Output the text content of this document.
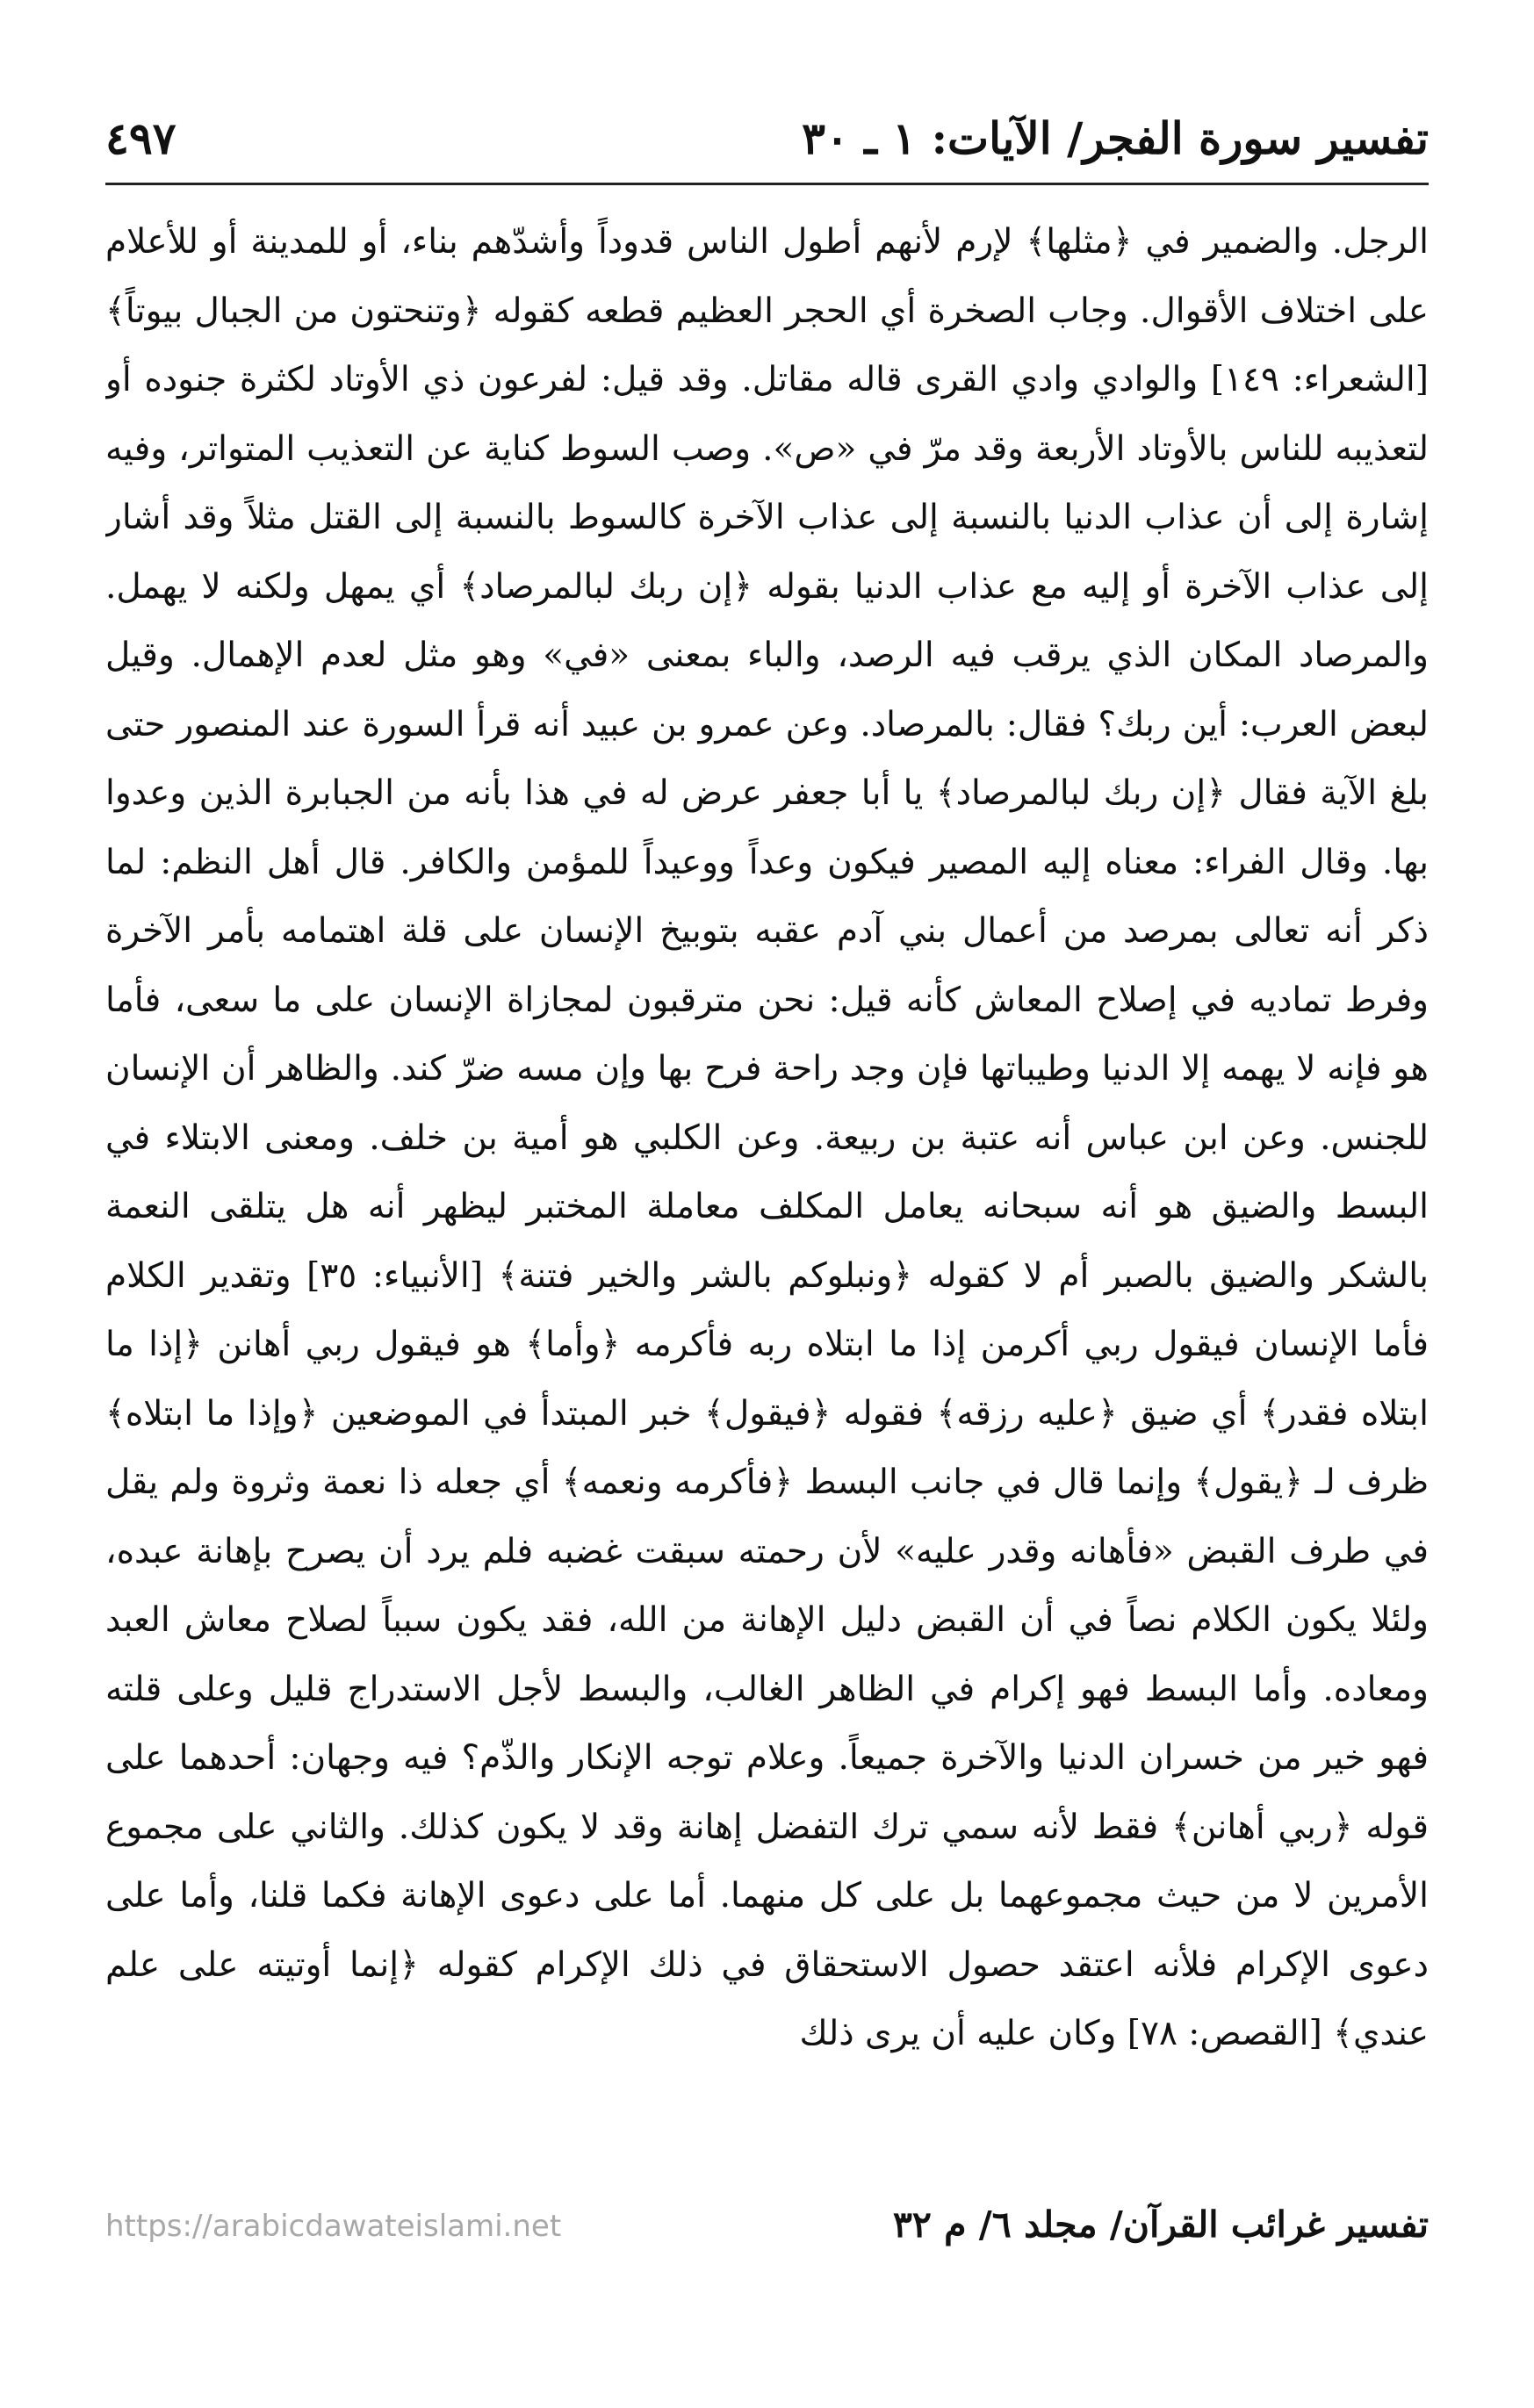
تفسير سورة الفجر/ الآيات: ١ ـ ٣٠
٤٩٧

الرجل. والضمير في ﴿مثلها﴾ لإرم لأنهم أطول الناس قدوداً وأشدّهم بناء، أو للمدينة أو للأعلام على اختلاف الأقوال. وجاب الصخرة أي الحجر العظيم قطعه كقوله ﴿وتنحتون من الجبال بيوتاً﴾ [الشعراء: ١٤٩] والوادي وادي القرى قاله مقاتل. وقد قيل: لفرعون ذي الأوتاد لكثرة جنوده أو لتعذيبه للناس بالأوتاد الأربعة وقد مرّ في «ص». وصب السوط كناية عن التعذيب المتواتر، وفيه إشارة إلى أن عذاب الدنيا بالنسبة إلى عذاب الآخرة كالسوط بالنسبة إلى القتل مثلاً وقد أشار إلى عذاب الآخرة أو إليه مع عذاب الدنيا بقوله ﴿إن ربك لبالمرصاد﴾ أي يمهل ولكنه لا يهمل. والمرصاد المكان الذي يرقب فيه الرصد، والباء بمعنى «في» وهو مثل لعدم الإهمال. وقيل لبعض العرب: أين ربك؟ فقال: بالمرصاد. وعن عمرو بن عبيد أنه قرأ السورة عند المنصور حتى بلغ الآية فقال ﴿إن ربك لبالمرصاد﴾ يا أبا جعفر عرض له في هذا بأنه من الجبابرة الذين وعدوا بها. وقال الفراء: معناه إليه المصير فيكون وعداً ووعيداً للمؤمن والكافر. قال أهل النظم: لما ذكر أنه تعالى بمرصد من أعمال بني آدم عقبه بتوبيخ الإنسان على قلة اهتمامه بأمر الآخرة وفرط تماديه في إصلاح المعاش كأنه قيل: نحن مترقبون لمجازاة الإنسان على ما سعى، فأما هو فإنه لا يهمه إلا الدنيا وطيباتها فإن وجد راحة فرح بها وإن مسه ضرّ كند. والظاهر أن الإنسان للجنس. وعن ابن عباس أنه عتبة بن ربيعة. وعن الكلبي هو أمية بن خلف. ومعنى الابتلاء في البسط والضيق هو أنه سبحانه يعامل المكلف معاملة المختبر ليظهر أنه هل يتلقى النعمة بالشكر والضيق بالصبر أم لا كقوله ﴿ونبلوكم بالشر والخير فتنة﴾ [الأنبياء: ٣٥] وتقدير الكلام فأما الإنسان فيقول ربي أكرمن إذا ما ابتلاه ربه فأكرمه ﴿وأما﴾ هو فيقول ربي أهانن ﴿إذا ما ابتلاه فقدر﴾ أي ضيق ﴿عليه رزقه﴾ فقوله ﴿فيقول﴾ خبر المبتدأ في الموضعين ﴿وإذا ما ابتلاه﴾ ظرف لـ ﴿يقول﴾ وإنما قال في جانب البسط ﴿فأكرمه ونعمه﴾ أي جعله ذا نعمة وثروة ولم يقل في طرف القبض «فأهانه وقدر عليه» لأن رحمته سبقت غضبه فلم يرد أن يصرح بإهانة عبده، ولئلا يكون الكلام نصاً في أن القبض دليل الإهانة من الله، فقد يكون سبباً لصلاح معاش العبد ومعاده. وأما البسط فهو إكرام في الظاهر الغالب، والبسط لأجل الاستدراج قليل وعلى قلته فهو خير من خسران الدنيا والآخرة جميعاً. وعلام توجه الإنكار والذّم؟ فيه وجهان: أحدهما على قوله ﴿ربي أهانن﴾ فقط لأنه سمي ترك التفضل إهانة وقد لا يكون كذلك. والثاني على مجموع الأمرين لا من حيث مجموعهما بل على كل منهما. أما على دعوى الإهانة فكما قلنا، وأما على دعوى الإكرام فلأنه اعتقد حصول الاستحقاق في ذلك الإكرام كقوله ﴿إنما أوتيته على علم عندي﴾ [القصص: ٧٨] وكان عليه أن يرى ذلك

تفسير غرائب القرآن/ مجلد ٦/ م ٣٢
https://arabicdawateislami.net
